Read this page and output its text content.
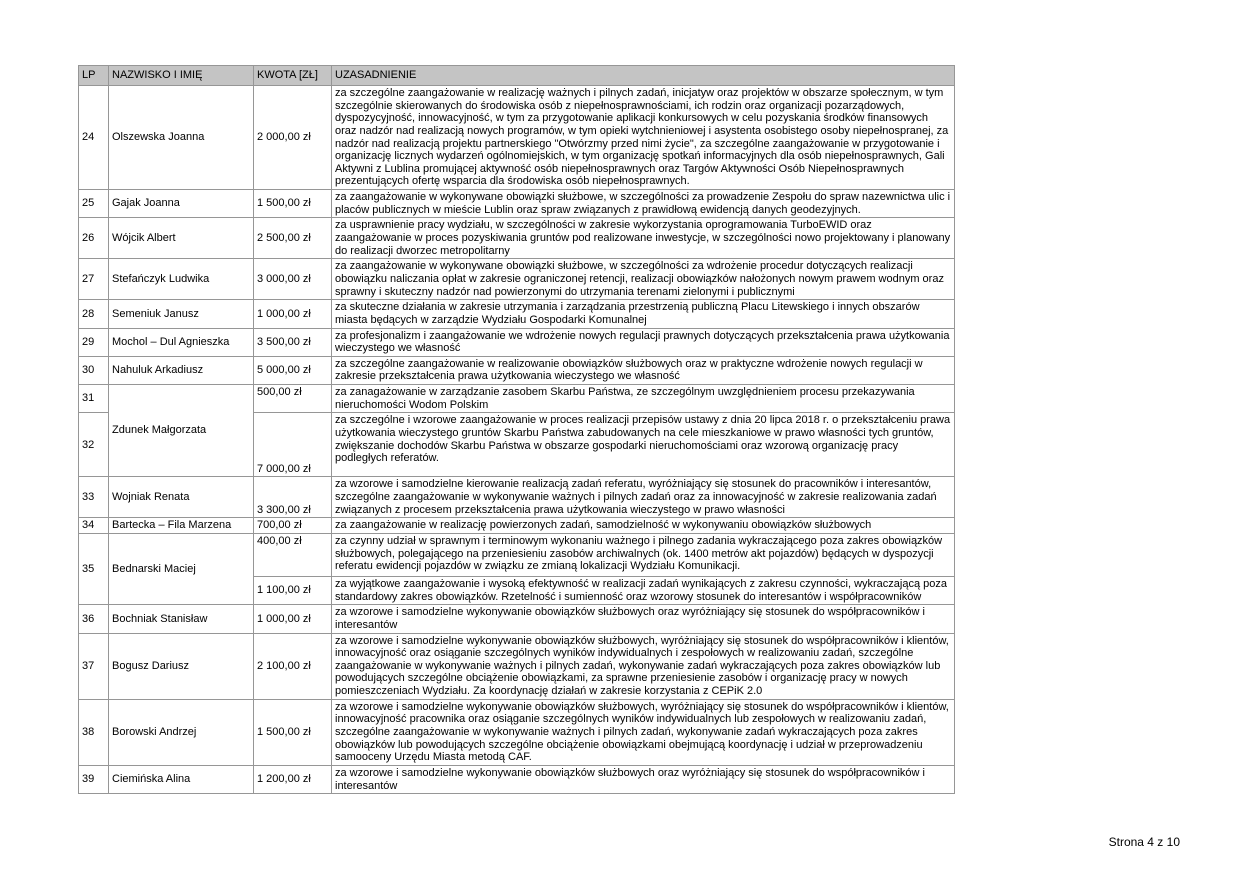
LP	NAZWISKO I IMIĘ	KWOTA [ZŁ]	UZASADNIENIE
24	Olszewska Joanna	2 000,00 zł	za szczególne zaangażowanie w realizację ważnych i pilnych zadań, inicjatyw oraz projektów w obszarze społecznym, w tym szczególnie skierowanych do środowiska osób z niepełnosprawnościami, ich rodzin oraz organizacji pozarządowych, dyspozycyjność, innowacyjność, w tym za przygotowanie aplikacji konkursowych w celu pozyskania środków finansowych oraz nadzór nad realizacją nowych programów, w tym opieki wytchnieniowej i asystenta osobistego osoby niepełnospranej, za nadzór nad realizacją projektu partnerskiego "Otwórzmy przed nimi życie", za szczególne zaangażowanie w przygotowanie i organizację licznych wydarzeń ogólnomiejskich, w tym organizację spotkań informacyjnych dla osób niepełnosprawnych, Gali Aktywni z Lublina promującej aktywność osób niepełnosprawnych oraz Targów Aktywności Osób Niepełnosprawnych prezentujących ofertę wsparcia dla środowiska osób niepełnosprawnych.
25	Gajak Joanna	1 500,00 zł	za zaangażowanie w wykonywane obowiązki służbowe, w szczególności za prowadzenie Zespołu do spraw nazewnictwa ulic i placów publicznych w mieście Lublin oraz spraw związanych z prawidłową ewidencją danych geodezyjnych.
26	Wójcik Albert	2 500,00 zł	za usprawnienie pracy wydziału, w szczególności w zakresie wykorzystania oprogramowania TurboEWID oraz zaangażowanie w proces pozyskiwania gruntów pod realizowane inwestycje, w szczególności nowo projektowany i planowany do realizacji dworzec metropolitarny
27	Stefańczyk Ludwika	3 000,00 zł	za zaangażowanie w wykonywane obowiązki służbowe, w szczególności za wdrożenie procedur dotyczących realizacji obowiązku naliczania opłat w zakresie ograniczonej retencji, realizacji obowiązków nałożonych nowym prawem wodnym oraz sprawny i skuteczny nadzór nad powierzonymi do utrzymania terenami zielonymi i publicznymi
28	Semeniuk Janusz	1 000,00 zł	za skuteczne działania w zakresie utrzymania i zarządzania przestrzenią publiczną Placu Litewskiego i innych obszarów miasta będących w zarządzie Wydziału Gospodarki Komunalnej
29	Mochol – Dul Agnieszka	3 500,00 zł	za profesjonalizm i zaangażowanie we wdrożenie nowych regulacji prawnych dotyczących przekształcenia prawa użytkowania wieczystego we własność
30	Nahuluk Arkadiusz	5 000,00 zł	za szczególne zaangażowanie w realizowanie obowiązków służbowych oraz w praktyczne wdrożenie nowych regulacji w zakresie przekształcenia prawa użytkowania wieczystego we własność
31	Zdunek Małgorzata	500,00 zł	za zanagażowanie w zarządzanie zasobem Skarbu Państwa, ze szczególnym uwzględnieniem procesu przekazywania nieruchomości Wodom Polskim
32		7 000,00 zł	za szczególne i wzorowe zaangażowanie w proces realizacji przepisów ustawy z dnia 20 lipca 2018 r. o przekształceniu prawa użytkowania wieczystego gruntów Skarbu Państwa zabudowanych na cele mieszkaniowe w prawo własności tych gruntów, zwiększanie dochodów Skarbu Państwa w obszarze gospodarki nieruchomościami oraz wzorową organizację pracy podległych referatów.
33	Wojniak Renata	3 300,00 zł	za wzorowe i samodzielne kierowanie realizacją zadań referatu, wyróżniający się stosunek do pracowników i interesantów, szczególne zaangażowanie w wykonywanie ważnych i pilnych zadań oraz za innowacyjność w zakresie realizowania zadań związanych z procesem przekształcenia prawa użytkowania wieczystego w prawo własności
34	Bartecka – Fila Marzena	700,00 zł	za zaangażowanie w realizację powierzonych zadań, samodzielność w wykonywaniu obowiązków służbowych
35	Bednarski Maciej	400,00 zł	za czynny udział w sprawnym i terminowym wykonaniu ważnego i pilnego zadania wykraczającego poza zakres obowiązków służbowych, polegającego na przeniesieniu zasobów archiwalnych (ok. 1400 metrów akt pojazdów) będących w dyspozycji referatu ewidencji pojazdów w związku ze zmianą lokalizacji Wydziału Komunikacji.
		1 100,00 zł	za wyjątkowe zaangażowanie i wysoką efektywność w realizacji zadań wynikających z zakresu czynności, wykraczającą poza standardowy zakres obowiązków. Rzetelność i sumienność oraz wzorowy stosunek do interesantów i współpracowników
36	Bochniak Stanisław	1 000,00 zł	za wzorowe i samodzielne wykonywanie obowiązków służbowych oraz wyróżniający się stosunek do współpracowników i interesantów
37	Bogusz Dariusz	2 100,00 zł	za wzorowe i samodzielne wykonywanie obowiązków służbowych, wyróżniający się stosunek do współpracowników i klientów, innowacyjność oraz osiąganie szczególnych wyników indywidualnych i zespołowych w realizowaniu zadań, szczególne zaangażowanie w wykonywanie ważnych i pilnych zadań, wykonywanie zadań wykraczających poza zakres obowiązków lub powodujących szczególne obciążenie obowiązkami, za sprawne przeniesienie zasobów i organizację pracy w nowych pomieszczeniach Wydziału. Za koordynację działań w zakresie korzystania z CEPiK 2.0
38	Borowski Andrzej	1 500,00 zł	za wzorowe i samodzielne wykonywanie obowiązków służbowych, wyróżniający się stosunek do współpracowników i klientów, innowacyjność pracownika oraz osiąganie szczególnych wyników indywidualnych lub zespołowych w realizowaniu zadań, szczególne zaangażowanie w wykonywanie ważnych i pilnych zadań, wykonywanie zadań wykraczających poza zakres obowiązków lub powodujących szczególne obciążenie obowiązkami obejmującą koordynację i udział w przeprowadzeniu samooceny Urzędu Miasta metodą CAF.
39	Ciemińska Alina	1 200,00 zł	za wzorowe i samodzielne wykonywanie obowiązków służbowych oraz wyróżniający się stosunek do współpracowników i interesantów
Strona 4 z 10
